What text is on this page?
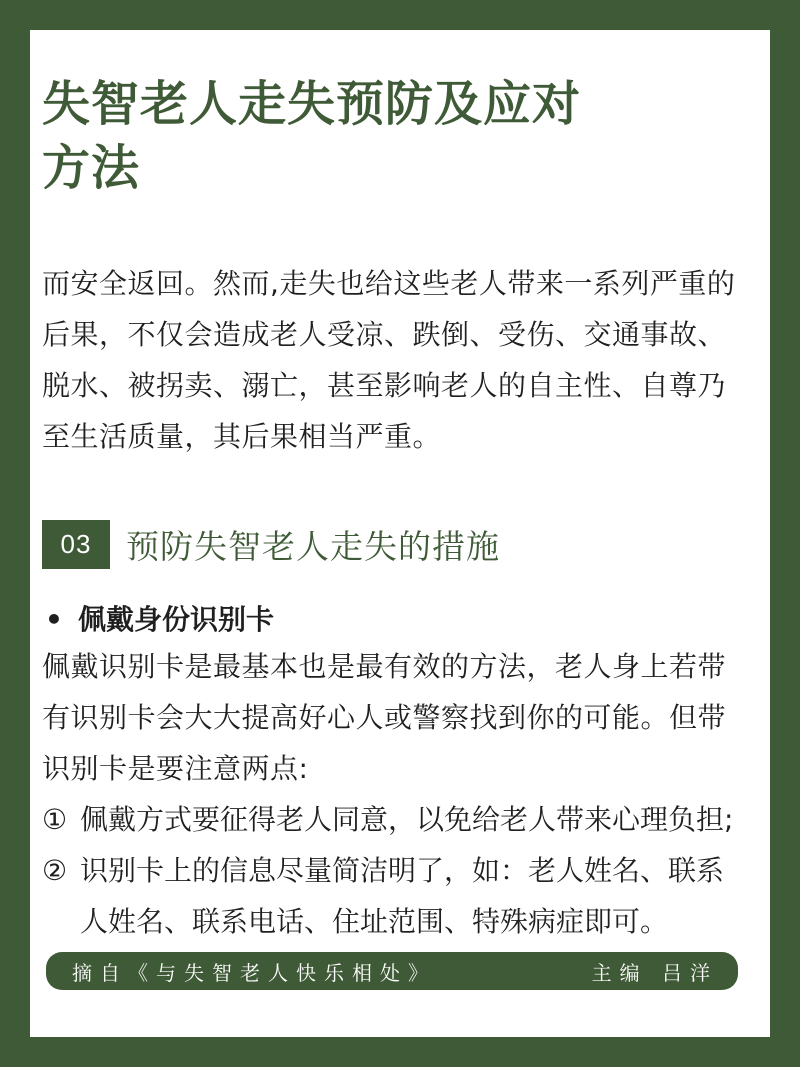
失智老人走失预防及应对
方法

而安全返回。然而,走失也给这些老人带来一系列严重的后果，不仅会造成老人受凉、跌倒、受伤、交通事故、脱水、被拐卖、溺亡，甚至影响老人的自主性、自尊乃至生活质量，其后果相当严重。

03	预防失智老人走失的措施
• 佩戴身份识别卡

佩戴识别卡是最基本也是最有效的方法，老人身上若带有识别卡会大大提高好心人或警察找到你的可能。但带识别卡是要注意两点:

① 佩戴方式要征得老人同意，以免给老人带来心理负担;
② 识别卡上的信息尽量简洁明了，如：老人姓名、联系人姓名、联系电话、住址范围、特殊病症即可。
摘自《与失智老人快乐相处》	主编 吕洋
